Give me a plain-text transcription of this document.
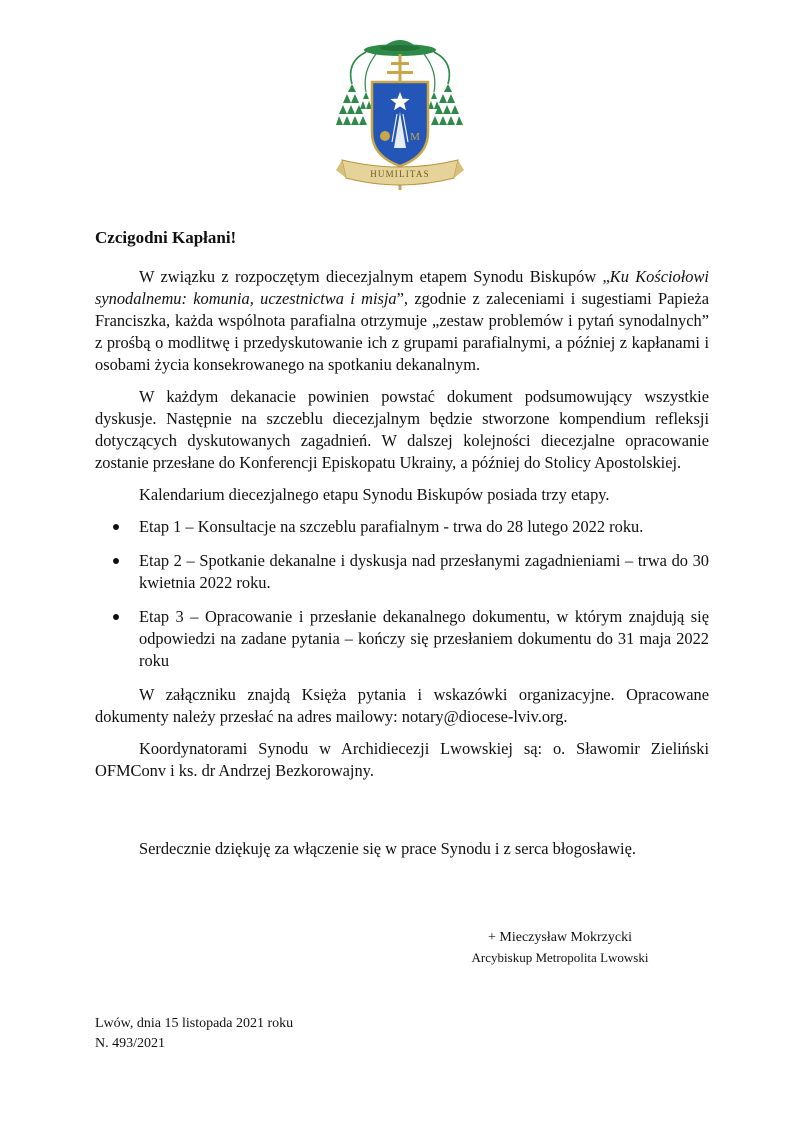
M
HUMILITAS

Czcigodni Kapłani!

W związku z rozpoczętym diecezjalnym etapem Synodu Biskupów „Ku Kościołowi synodalnemu: komunia, uczestnictwa i misja”, zgodnie z zaleceniami i sugestiami Papieża Franciszka, każda wspólnota parafialna otrzymuje „zestaw problemów i pytań synodalnych” z prośbą o modlitwę i przedyskutowanie ich z grupami parafialnymi, a później z kapłanami i osobami życia konsekrowanego na spotkaniu dekanalnym.

W każdym dekanacie powinien powstać dokument podsumowujący wszystkie dyskusje. Następnie na szczeblu diecezjalnym będzie stworzone kompendium refleksji dotyczących dyskutowanych zagadnień. W dalszej kolejności diecezjalne opracowanie zostanie przesłane do Konferencji Episkopatu Ukrainy, a później do Stolicy Apostolskiej.

Kalendarium diecezjalnego etapu Synodu Biskupów posiada trzy etapy.

Etap 1 – Konsultacje na szczeblu parafialnym - trwa do 28 lutego 2022 roku.
Etap 2 – Spotkanie dekanalne i dyskusja nad przesłanymi zagadnieniami – trwa do 30 kwietnia 2022 roku.
Etap 3 – Opracowanie i przesłanie dekanalnego dokumentu, w którym znajdują się odpowiedzi na zadane pytania – kończy się przesłaniem dokumentu do 31 maja 2022 roku

W załączniku znajdą Księża pytania i wskazówki organizacyjne. Opracowane dokumenty należy przesłać na adres mailowy: notary@diocese-lviv.org.

Koordynatorami Synodu w Archidiecezji Lwowskiej są: o. Sławomir Zieliński OFMConv i ks. dr Andrzej Bezkorowajny.

Serdecznie dziękuję za włączenie się w prace Synodu i z serca błogosławię.

+ Mieczysław Mokrzycki

Arcybiskup Metropolita Lwowski

Lwów, dnia 15 listopada 2021 roku

N. 493/2021
